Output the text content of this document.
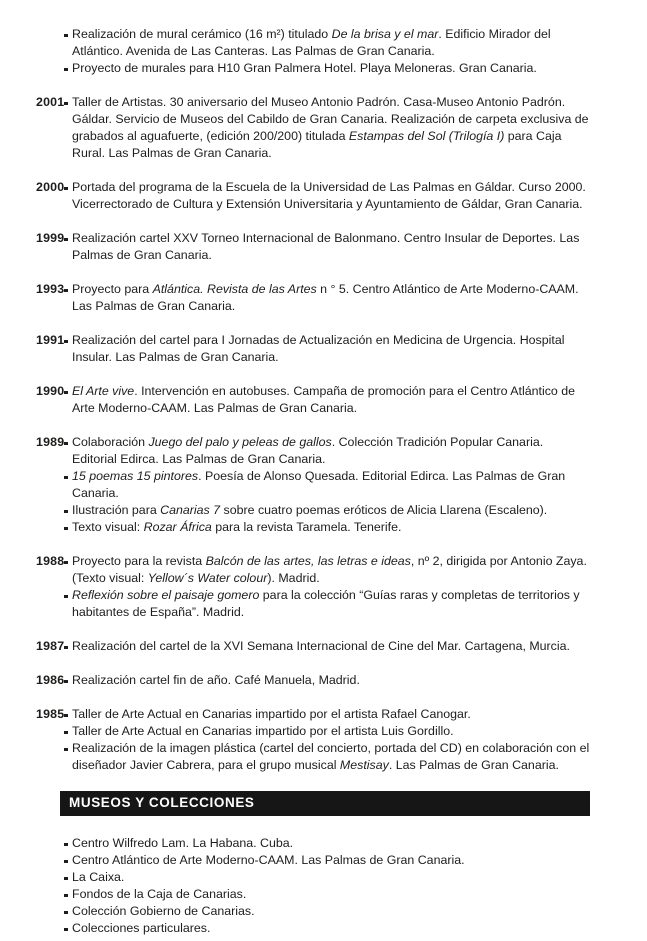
Realización de mural cerámico (16 m²) titulado De la brisa y el mar. Edificio Mirador del Atlántico. Avenida de Las Canteras. Las Palmas de Gran Canaria.
Proyecto de murales para H10 Gran Palmera Hotel. Playa Meloneras. Gran Canaria.
2001 Taller de Artistas. 30 aniversario del Museo Antonio Padrón. Casa-Museo Antonio Padrón. Gáldar. Servicio de Museos del Cabildo de Gran Canaria. Realización de carpeta exclusiva de grabados al aguafuerte, (edición 200/200) titulada Estampas del Sol (Trilogía I) para Caja Rural. Las Palmas de Gran Canaria.
2000 Portada del programa de la Escuela de la Universidad de Las Palmas en Gáldar. Curso 2000. Vicerrectorado de Cultura y Extensión Universitaria y Ayuntamiento de Gáldar, Gran Canaria.
1999 Realización cartel XXV Torneo Internacional de Balonmano. Centro Insular de Deportes. Las Palmas de Gran Canaria.
1993 Proyecto para Atlántica. Revista de las Artes n ° 5. Centro Atlántico de Arte Moderno-CAAM. Las Palmas de Gran Canaria.
1991 Realización del cartel para I Jornadas de Actualización en Medicina de Urgencia. Hospital Insular. Las Palmas de Gran Canaria.
1990 El Arte vive. Intervención en autobuses. Campaña de promoción para el Centro Atlántico de Arte Moderno-CAAM. Las Palmas de Gran Canaria.
1989 Colaboración Juego del palo y peleas de gallos. Colección Tradición Popular Canaria. Editorial Edirca. Las Palmas de Gran Canaria.
15 poemas 15 pintores. Poesía de Alonso Quesada. Editorial Edirca. Las Palmas de Gran Canaria.
Ilustración para Canarias 7 sobre cuatro poemas eróticos de Alicia Llarena (Escaleno).
Texto visual: Rozar África para la revista Taramela. Tenerife.
1988 Proyecto para la revista Balcón de las artes, las letras e ideas, nº 2, dirigida por Antonio Zaya. (Texto visual: Yellow´s Water colour). Madrid.
Reflexión sobre el paisaje gomero para la colección “Guías raras y completas de territorios y habitantes de España”. Madrid.
1987 Realización del cartel de la XVI Semana Internacional de Cine del Mar. Cartagena, Murcia.
1986 Realización cartel fin de año. Café Manuela, Madrid.
1985 Taller de Arte Actual en Canarias impartido por el artista Rafael Canogar.
Taller de Arte Actual en Canarias impartido por el artista Luis Gordillo.
Realización de la imagen plástica (cartel del concierto, portada del CD) en colaboración con el diseñador Javier Cabrera, para el grupo musical Mestisay. Las Palmas de Gran Canaria.
MUSEOS Y COLECCIONES
Centro Wilfredo Lam. La Habana. Cuba.
Centro Atlántico de Arte Moderno-CAAM. Las Palmas de Gran Canaria.
La Caixa.
Fondos de la Caja de Canarias.
Colección Gobierno de Canarias.
Colecciones particulares.
